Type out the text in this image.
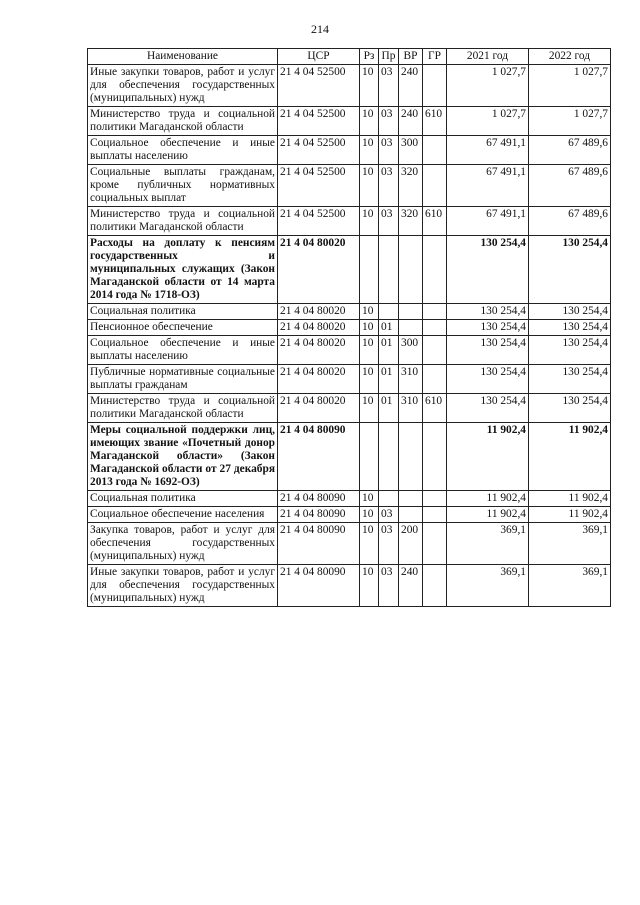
214
Наименование	ЦСР	Рз	Пр	ВР	ГР	2021 год	2022 год
Иные закупки товаров, работ и услуг для обеспечения государственных (муниципальных) нужд	21 4 04 52500	10	03	240		1 027,7	1 027,7
Министерство труда и социальной политики Магаданской области	21 4 04 52500	10	03	240	610	1 027,7	1 027,7
Социальное обеспечение и иные выплаты населению	21 4 04 52500	10	03	300		67 491,1	67 489,6
Социальные выплаты гражданам, кроме публичных нормативных социальных выплат	21 4 04 52500	10	03	320		67 491,1	67 489,6
Министерство труда и социальной политики Магаданской области	21 4 04 52500	10	03	320	610	67 491,1	67 489,6
Расходы на доплату к пенсиям государственных и муниципальных служащих (Закон Магаданской области от 14 марта 2014 года № 1718-ОЗ)	21 4 04 80020					130 254,4	130 254,4
Социальная политика	21 4 04 80020	10				130 254,4	130 254,4
Пенсионное обеспечение	21 4 04 80020	10	01			130 254,4	130 254,4
Социальное обеспечение и иные выплаты населению	21 4 04 80020	10	01	300		130 254,4	130 254,4
Публичные нормативные социальные выплаты гражданам	21 4 04 80020	10	01	310		130 254,4	130 254,4
Министерство труда и социальной политики Магаданской области	21 4 04 80020	10	01	310	610	130 254,4	130 254,4
Меры социальной поддержки лиц, имеющих звание «Почетный донор Магаданской области» (Закон Магаданской области от 27 декабря 2013 года № 1692-ОЗ)	21 4 04 80090					11 902,4	11 902,4
Социальная политика	21 4 04 80090	10				11 902,4	11 902,4
Социальное обеспечение населения	21 4 04 80090	10	03			11 902,4	11 902,4
Закупка товаров, работ и услуг для обеспечения государственных (муниципальных) нужд	21 4 04 80090	10	03	200		369,1	369,1
Иные закупки товаров, работ и услуг для обеспечения государственных (муниципальных) нужд	21 4 04 80090	10	03	240		369,1	369,1
